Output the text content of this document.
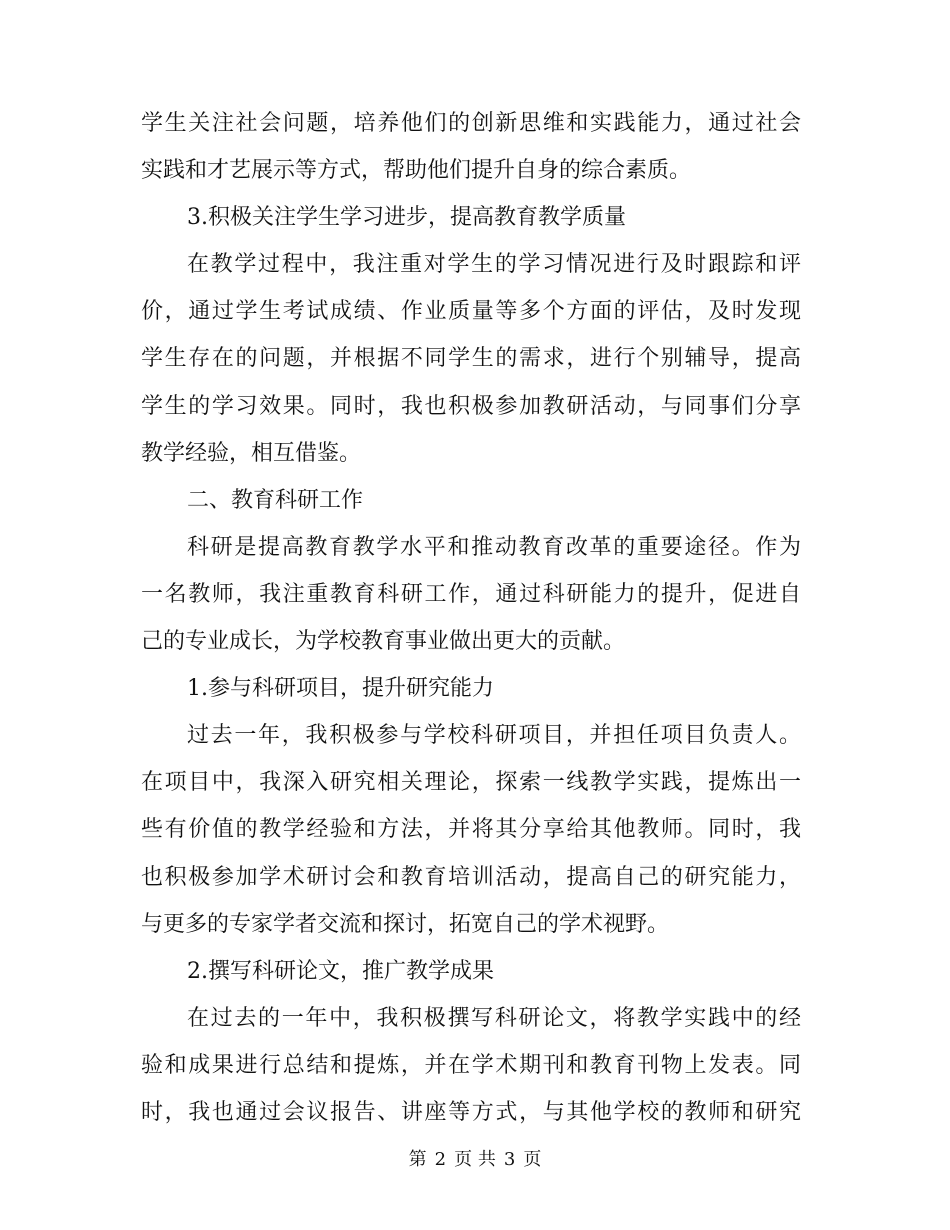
学生关注社会问题，培养他们的创新思维和实践能力，通过社会
实践和才艺展示等方式，帮助他们提升自身的综合素质。
3.积极关注学生学习进步，提高教育教学质量
在教学过程中，我注重对学生的学习情况进行及时跟踪和评
价，通过学生考试成绩、作业质量等多个方面的评估，及时发现
学生存在的问题，并根据不同学生的需求，进行个别辅导，提高
学生的学习效果。同时，我也积极参加教研活动，与同事们分享
教学经验，相互借鉴。
二、教育科研工作
科研是提高教育教学水平和推动教育改革的重要途径。作为
一名教师，我注重教育科研工作，通过科研能力的提升，促进自
己的专业成长，为学校教育事业做出更大的贡献。
1.参与科研项目，提升研究能力
过去一年，我积极参与学校科研项目，并担任项目负责人。
在项目中，我深入研究相关理论，探索一线教学实践，提炼出一
些有价值的教学经验和方法，并将其分享给其他教师。同时，我
也积极参加学术研讨会和教育培训活动，提高自己的研究能力，
与更多的专家学者交流和探讨，拓宽自己的学术视野。
2.撰写科研论文，推广教学成果
在过去的一年中，我积极撰写科研论文，将教学实践中的经
验和成果进行总结和提炼，并在学术期刊和教育刊物上发表。同
时，我也通过会议报告、讲座等方式，与其他学校的教师和研究
第 2 页 共 3 页
